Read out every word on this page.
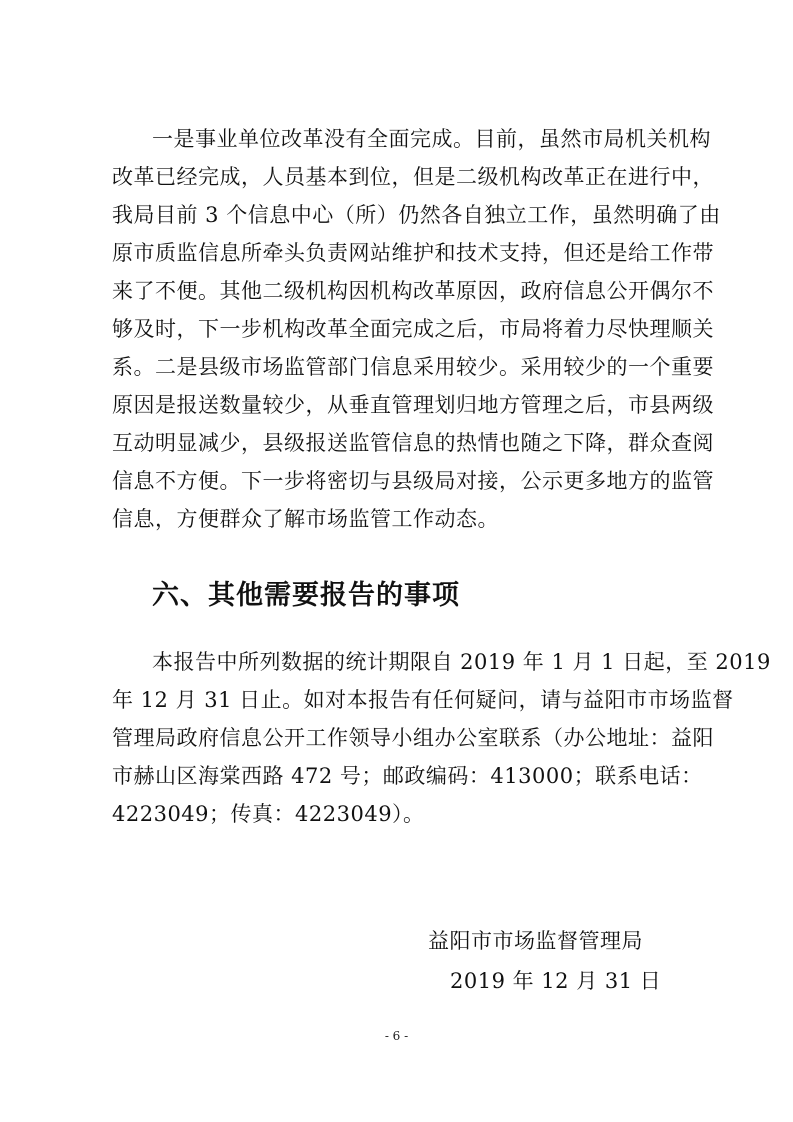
一是事业单位改革没有全面完成。目前，虽然市局机关机构
改革已经完成，人员基本到位，但是二级机构改革正在进行中，
我局目前 3 个信息中心（所）仍然各自独立工作，虽然明确了由
原市质监信息所牵头负责网站维护和技术支持，但还是给工作带
来了不便。其他二级机构因机构改革原因，政府信息公开偶尔不
够及时，下一步机构改革全面完成之后，市局将着力尽快理顺关
系。二是县级市场监管部门信息采用较少。采用较少的一个重要
原因是报送数量较少，从垂直管理划归地方管理之后，市县两级
互动明显减少，县级报送监管信息的热情也随之下降，群众查阅
信息不方便。下一步将密切与县级局对接，公示更多地方的监管
信息，方便群众了解市场监管工作动态。
六、其他需要报告的事项
本报告中所列数据的统计期限自 2019 年 1 月 1 日起，至 2019
年 12 月 31 日止。如对本报告有任何疑问，请与益阳市市场监督
管理局政府信息公开工作领导小组办公室联系（办公地址：益阳
市赫山区海棠西路 472 号；邮政编码：413000；联系电话：
4223049；传真：4223049）。
益阳市市场监督管理局
2019 年 12 月 31 日
- 6 -
